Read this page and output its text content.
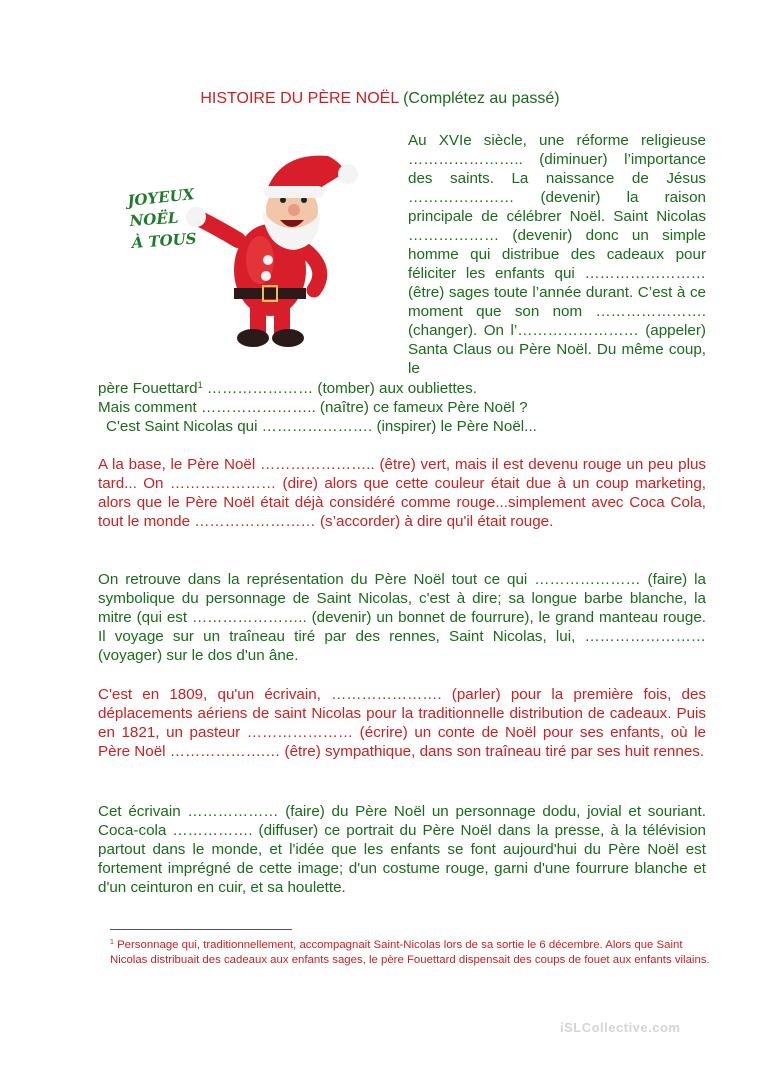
HISTOIRE DU PÈRE NOËL (Complétez au passé)
JOYEUX
NOËL
À TOUS

Au XVIe siècle, une réforme religieuse ………………….. (diminuer) l’importance des saints. La naissance de Jésus ………………… (devenir) la raison principale de célébrer Noël. Saint Nicolas ……………… (devenir) donc un simple homme qui distribue des cadeaux pour féliciter les enfants qui …………………… (être) sages toute l’année durant. C’est à ce moment que son nom …………………. (changer). On l’…………………… (appeler) Santa Claus ou Père Noël. Du même coup, le

père Fouettard$^1$ ………………… (tomber) aux oubliettes.

Mais comment ………………….. (naître) ce fameux Père Noël ?

C'est Saint Nicolas qui …………………. (inspirer) le Père Noël...

A la base, le Père Noël ………………….. (être) vert, mais il est devenu rouge un peu plus tard... On ………………… (dire) alors que cette couleur était due à un coup marketing, alors que le Père Noël était déjà considéré comme rouge...simplement avec Coca Cola, tout le monde …………………… (s’accorder) à dire qu'il était rouge.

On retrouve dans la représentation du Père Noël tout ce qui ………………… (faire) la symbolique du personnage de Saint Nicolas, c'est à dire; sa longue barbe blanche, la mitre (qui est ………………….. (devenir) un bonnet de fourrure), le grand manteau rouge. Il voyage sur un traîneau tiré par des rennes, Saint Nicolas, lui, …………………… (voyager) sur le dos d'un âne.

C'est en 1809, qu'un écrivain, …………………. (parler) pour la première fois, des déplacements aériens de saint Nicolas pour la traditionnelle distribution de cadeaux. Puis en 1821, un pasteur ………………… (écrire) un conte de Noël pour ses enfants, où le Père Noël ……………….… (être) sympathique, dans son traîneau tiré par ses huit rennes.

Cet écrivain ……………… (faire) du Père Noël un personnage dodu, jovial et souriant. Coca-cola ……………. (diffuser) ce portrait du Père Noël dans la presse, à la télévision partout dans le monde, et l'idée que les enfants se font aujourd'hui du Père Noël est fortement imprégné de cette image; d'un costume rouge, garni d'une fourrure blanche et d'un ceinturon en cuir, et sa houlette.

$^1$ Personnage qui, traditionnellement, accompagnait Saint-Nicolas lors de sa sortie le 6 décembre. Alors que Saint Nicolas distribuait des cadeaux aux enfants sages, le père Fouettard dispensait des coups de fouet aux enfants vilains.

iSLCollective.com
